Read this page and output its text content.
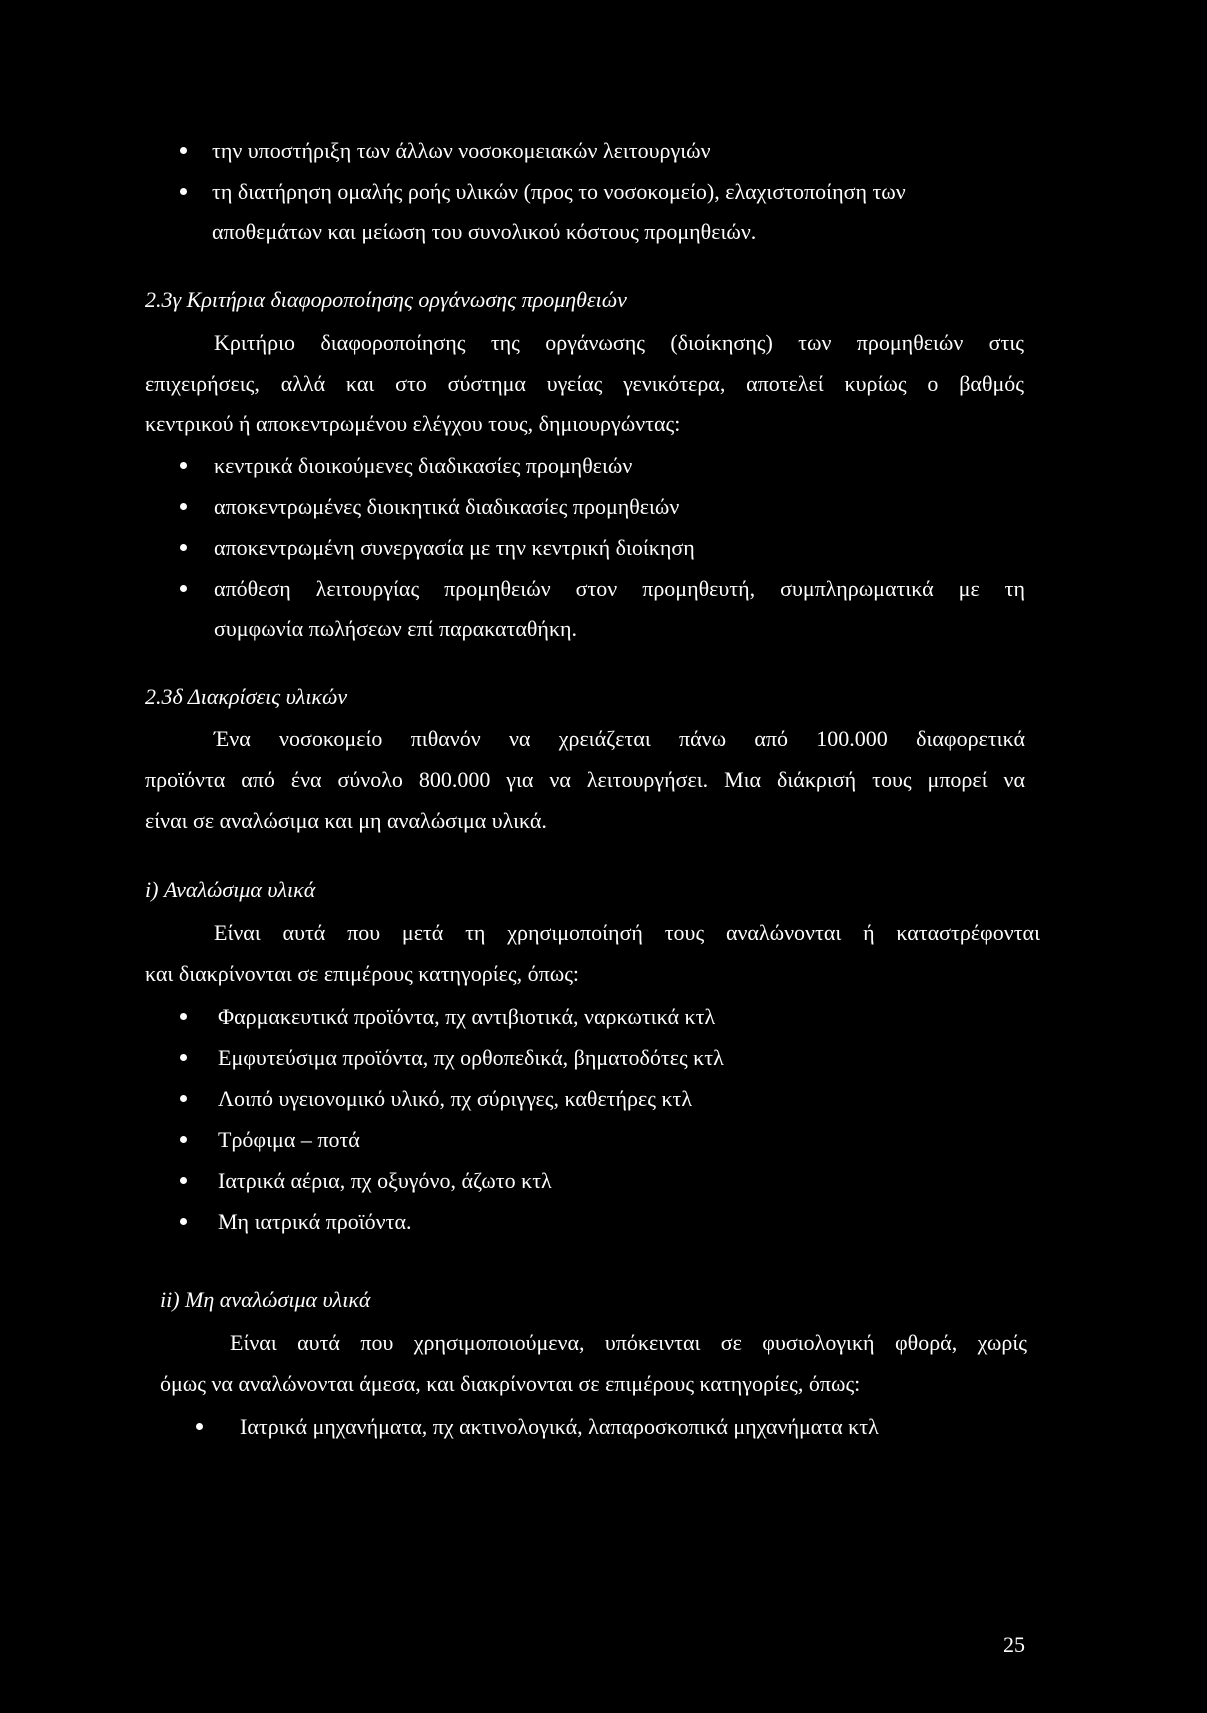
την υποστήριξη των άλλων νοσοκομειακών λειτουργιών
τη διατήρηση ομαλής ροής υλικών (προς το νοσοκομείο), ελαχιστοποίηση των
αποθεμάτων και μείωση του συνολικού κόστους προμηθειών.
2.3γ Κριτήρια διαφοροποίησης οργάνωσης προμηθειών
Κριτήριο διαφοροποίησης της οργάνωσης (διοίκησης) των προμηθειών στις
επιχειρήσεις, αλλά και στο σύστημα υγείας γενικότερα, αποτελεί κυρίως ο βαθμός
κεντρικού ή αποκεντρωμένου ελέγχου τους, δημιουργώντας:
κεντρικά διοικούμενες διαδικασίες προμηθειών
αποκεντρωμένες διοικητικά διαδικασίες προμηθειών
αποκεντρωμένη συνεργασία με την κεντρική διοίκηση
απόθεση λειτουργίας προμηθειών στον προμηθευτή, συμπληρωματικά με τη
συμφωνία πωλήσεων επί παρακαταθήκη.
2.3δ Διακρίσεις υλικών
Ένα νοσοκομείο πιθανόν να χρειάζεται πάνω από 100.000 διαφορετικά
προϊόντα από ένα σύνολο 800.000 για να λειτουργήσει. Μια διάκρισή τους μπορεί να
είναι σε αναλώσιμα και μη αναλώσιμα υλικά.
i) Αναλώσιμα υλικά
Είναι αυτά που μετά τη χρησιμοποίησή τους αναλώνονται ή καταστρέφονται
και διακρίνονται σε επιμέρους κατηγορίες, όπως:
Φαρμακευτικά προϊόντα, πχ αντιβιοτικά, ναρκωτικά κτλ
Εμφυτεύσιμα προϊόντα, πχ ορθοπεδικά, βηματοδότες κτλ
Λοιπό υγειονομικό υλικό, πχ σύριγγες, καθετήρες κτλ
Τρόφιμα – ποτά
Ιατρικά αέρια, πχ οξυγόνο, άζωτο κτλ
Μη ιατρικά προϊόντα.
ii) Μη αναλώσιμα υλικά
Είναι αυτά που χρησιμοποιούμενα, υπόκεινται σε φυσιολογική φθορά, χωρίς
όμως να αναλώνονται άμεσα, και διακρίνονται σε επιμέρους κατηγορίες, όπως:
Ιατρικά μηχανήματα, πχ ακτινολογικά, λαπαροσκοπικά μηχανήματα κτλ
25
